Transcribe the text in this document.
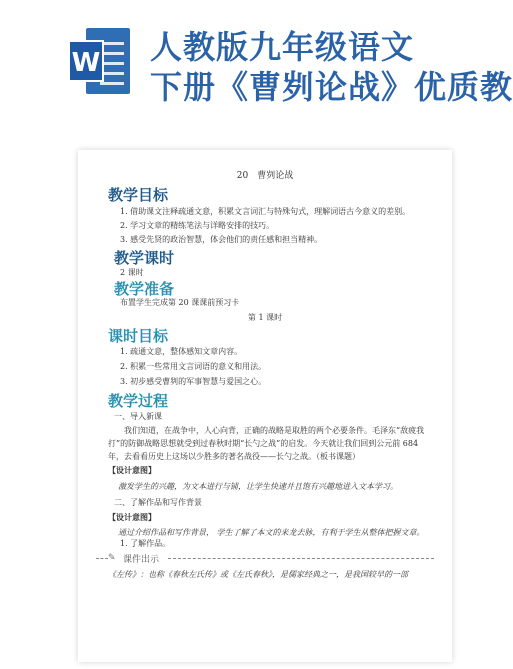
W 人教版九年级语文
下册《曹刿论战》优质教
20　曹刿论战
教学目标
1. 借助课文注释疏通文意，积累文言词汇与特殊句式，理解词语古今意义的差别。
2. 学习文章的精练笔法与详略安排的技巧。
3. 感受先贤的政治智慧，体会他们的责任感和担当精神。
教学课时
2 课时
教学准备
布置学生完成第 20 课课前预习卡
第 1 课时
课时目标
1. 疏通文意，整体感知文章内容。
2. 积累一些常用文言词语的意义和用法。
3. 初步感受曹刿的军事智慧与爱国之心。
教学过程
一、导入新课
我们知道，在战争中，人心向背，正确的战略是取胜的两个必要条件。毛泽东“敌疲我打”的防御战略思想就受到过春秋时期“长勺之战”的启发。今天就让我们回到公元前 684 年，去看看历史上这场以少胜多的著名战役——长勺之战。（板书课题）
【设计意图】
激发学生的兴趣，为文本进行与铺，让学生快速并且饱有兴趣地进入文本学习。
二、了解作品和写作背景
【设计意图】
通过介绍作品和写作背景， 学生了解了本文的来龙去脉，有利于学生从整体把握文章。
✎ 课件出示
《左传》：也称《春秋左氏传》或《左氏春秋》，是儒家经典之一，是我国较早的一部
1. 了解作品。
